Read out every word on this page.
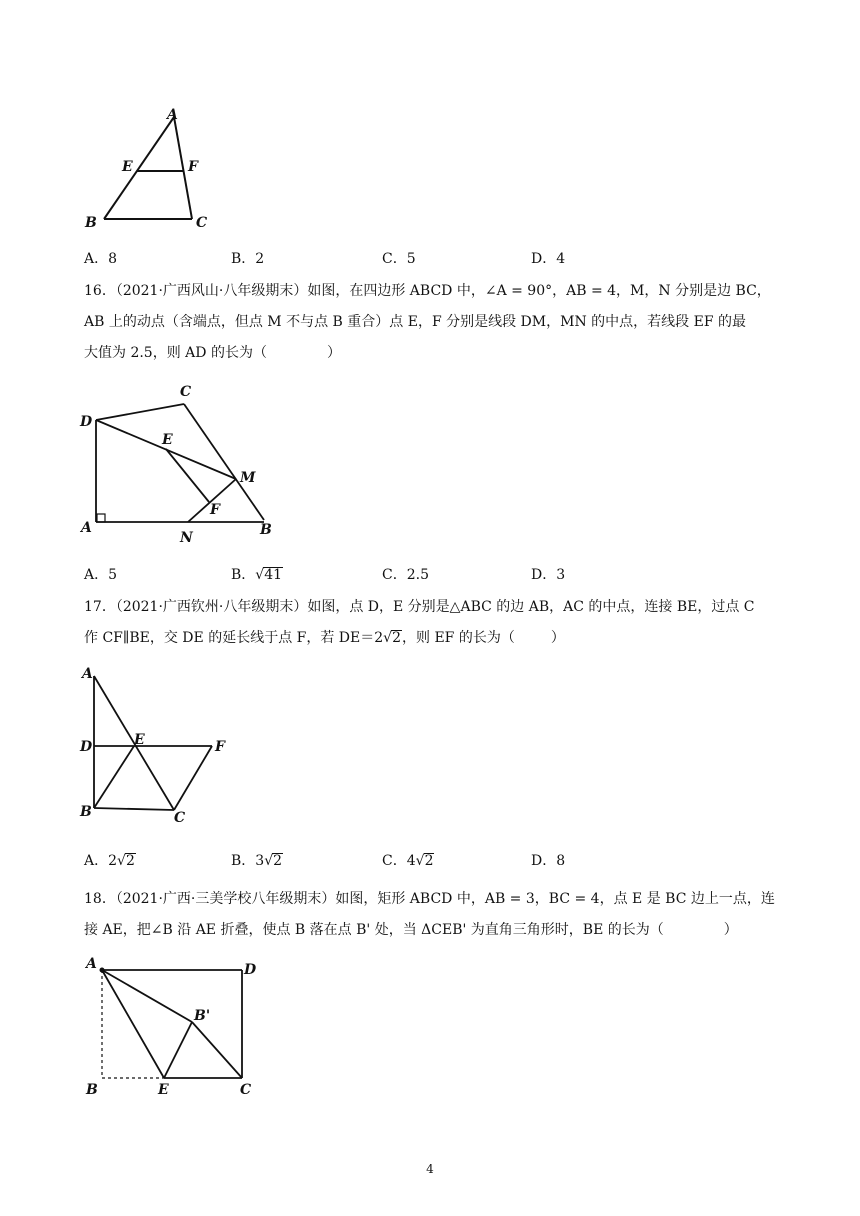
A
E	F
B	C
A．8	B．2	C．5	D．4
16．（2021·广西风山·八年级期末）如图，在四边形 ABCD 中，∠A = 90°，AB = 4，M，N 分别是边 BC，
AB 上的动点（含端点，但点 M 不与点 B 重合）点 E，F 分别是线段 DM，MN 的中点，若线段 EF 的最
大值为 2.5，则 AD 的长为（	）
C
D
E
M
F
A
N	B
A．5	B．√41	C．2.5	D．3
17．（2021·广西钦州·八年级期末）如图，点 D，E 分别是△ABC 的边 AB，AC 的中点，连接 BE，过点 C
作 CF∥BE，交 DE 的延长线于点 F，若 DE＝2√2，则 EF 的长为（	）
A
D	E	F
B	C
A．2√2	B．3√2	C．4√2	D．8
18．（2021·广西·三美学校八年级期末）如图，矩形 ABCD 中，AB = 3，BC = 4，点 E 是 BC 边上一点，连
接 AE，把∠B 沿 AE 折叠，使点 B 落在点 B' 处，当 ΔCEB' 为直角三角形时，BE 的长为（	）
A	D
B'
B	E	C
4
